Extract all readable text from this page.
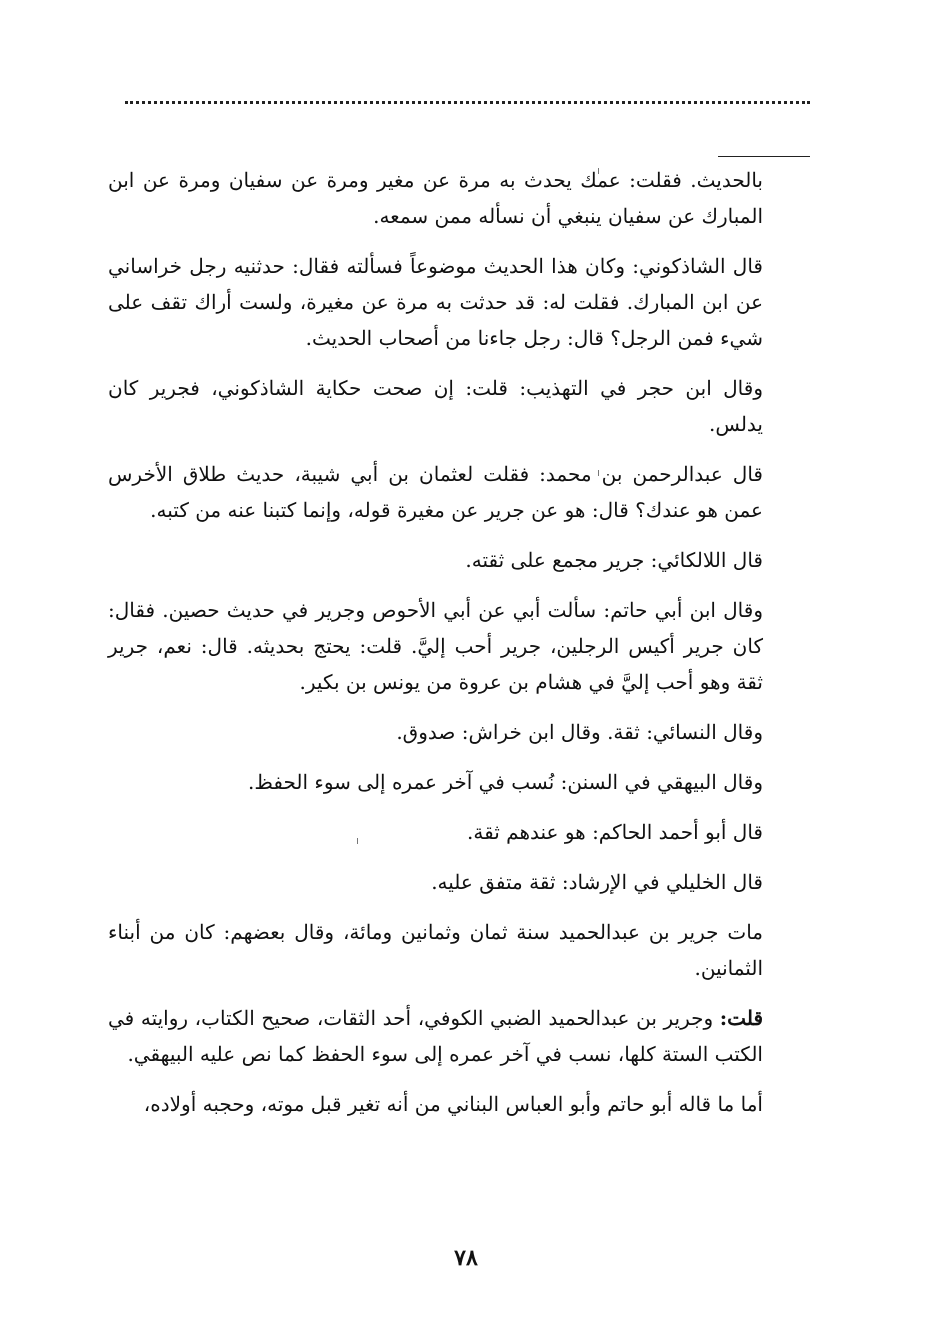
بالحديث. فقلت: عمك يحدث به مرة عن مغير ومرة عن سفيان ومرة عن ابن المبارك عن سفيان ينبغي أن نسأله ممن سمعه.

قال الشاذكوني: وكان هذا الحديث موضوعاً فسألته فقال: حدثنيه رجل خراساني عن ابن المبارك. فقلت له: قد حدثت به مرة عن مغيرة، ولست أراك تقف على شيء فمن الرجل؟ قال: رجل جاءنا من أصحاب الحديث.

وقال ابن حجر في التهذيب: قلت: إن صحت حكاية الشاذكوني، فجرير كان يدلس.

قال عبدالرحمن بن محمد: فقلت لعثمان بن أبي شيبة، حديث طلاق الأخرس عمن هو عندك؟ قال: هو عن جرير عن مغيرة قوله، وإنما كتبنا عنه من كتبه.

قال اللالكائي: جرير مجمع على ثقته.

وقال ابن أبي حاتم: سألت أبي عن أبي الأحوص وجرير في حديث حصين. فقال: كان جرير أكيس الرجلين، جرير أحب إليَّ. قلت: يحتج بحديثه. قال: نعم، جرير ثقة وهو أحب إليَّ في هشام بن عروة من يونس بن بكير.

وقال النسائي: ثقة. وقال ابن خراش: صدوق.

وقال البيهقي في السنن: نُسب في آخر عمره إلى سوء الحفظ.

قال أبو أحمد الحاكم: هو عندهم ثقة.

قال الخليلي في الإرشاد: ثقة متفق عليه.

مات جرير بن عبدالحميد سنة ثمان وثمانين ومائة، وقال بعضهم: كان من أبناء الثمانين.

قلت: وجرير بن عبدالحميد الضبي الكوفي، أحد الثقات، صحيح الكتاب، روايته في الكتب الستة كلها، نسب في آخر عمره إلى سوء الحفظ كما نص عليه البيهقي.

أما ما قاله أبو حاتم وأبو العباس البناني من أنه تغير قبل موته، وحجبه أولاده،

٧٨
